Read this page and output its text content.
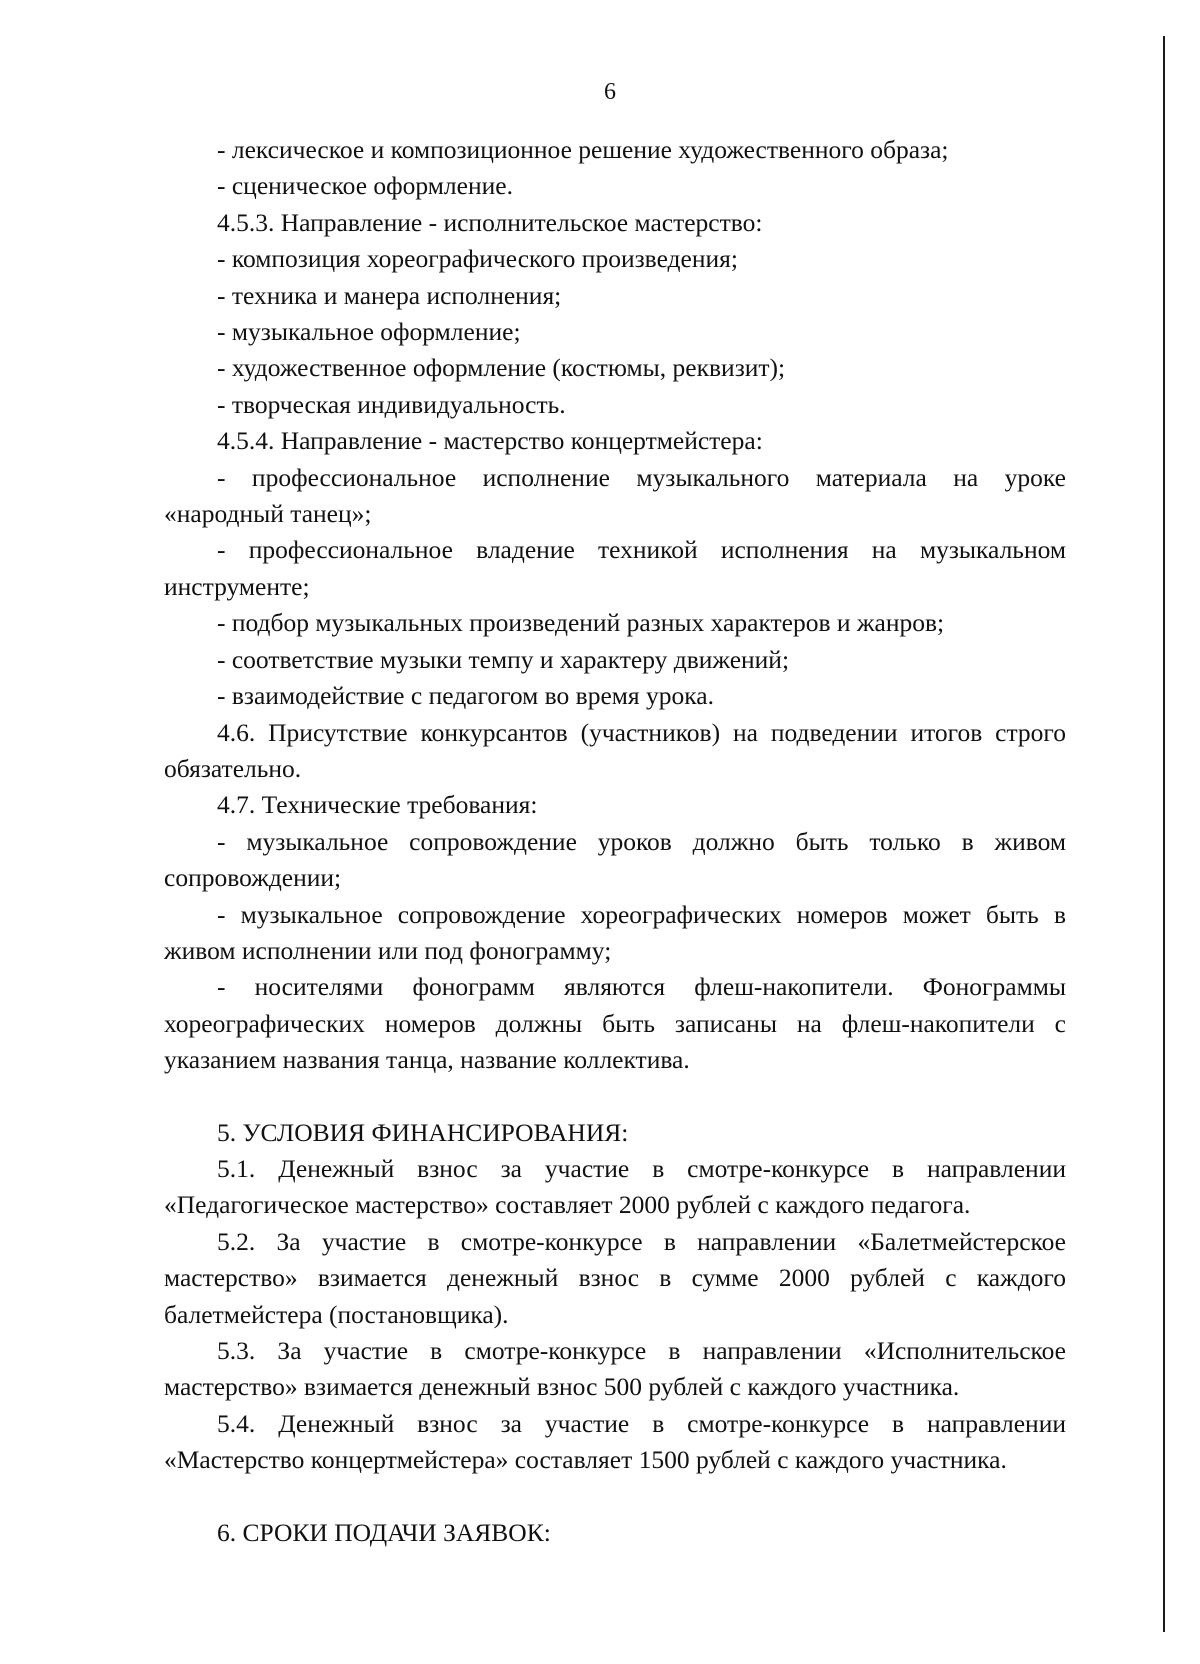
6

- лексическое и композиционное решение художественного образа;

- сценическое оформление.

4.5.3. Направление - исполнительское мастерство:

- композиция хореографического произведения;

- техника и манера исполнения;

- музыкальное оформление;

- художественное оформление (костюмы, реквизит);

- творческая индивидуальность.

4.5.4. Направление - мастерство концертмейстера:

- профессиональное исполнение музыкального материала на уроке «народный танец»;

- профессиональное владение техникой исполнения на музыкальном инструменте;

- подбор музыкальных произведений разных характеров и жанров;

- соответствие музыки темпу и характеру движений;

- взаимодействие с педагогом во время урока.

4.6. Присутствие конкурсантов (участников) на подведении итогов строго обязательно.

4.7. Технические требования:

- музыкальное сопровождение уроков должно быть только в живом сопровождении;

- музыкальное сопровождение хореографических номеров может быть в живом исполнении или под фонограмму;

- носителями фонограмм являются флеш-накопители. Фонограммы хореографических номеров должны быть записаны на флеш-накопители с указанием названия танца, название коллектива.

5. УСЛОВИЯ ФИНАНСИРОВАНИЯ:

5.1. Денежный взнос за участие в смотре-конкурсе в направлении «Педагогическое мастерство» составляет 2000 рублей с каждого педагога.

5.2. За участие в смотре-конкурсе в направлении «Балетмейстерское мастерство» взимается денежный взнос в сумме 2000 рублей с каждого балетмейстера (постановщика).

5.3. За участие в смотре-конкурсе в направлении «Исполнительское мастерство» взимается денежный взнос 500 рублей с каждого участника.

5.4. Денежный взнос за участие в смотре-конкурсе в направлении «Мастерство концертмейстера» составляет 1500 рублей с каждого участника.

6. СРОКИ ПОДАЧИ ЗАЯВОК:
